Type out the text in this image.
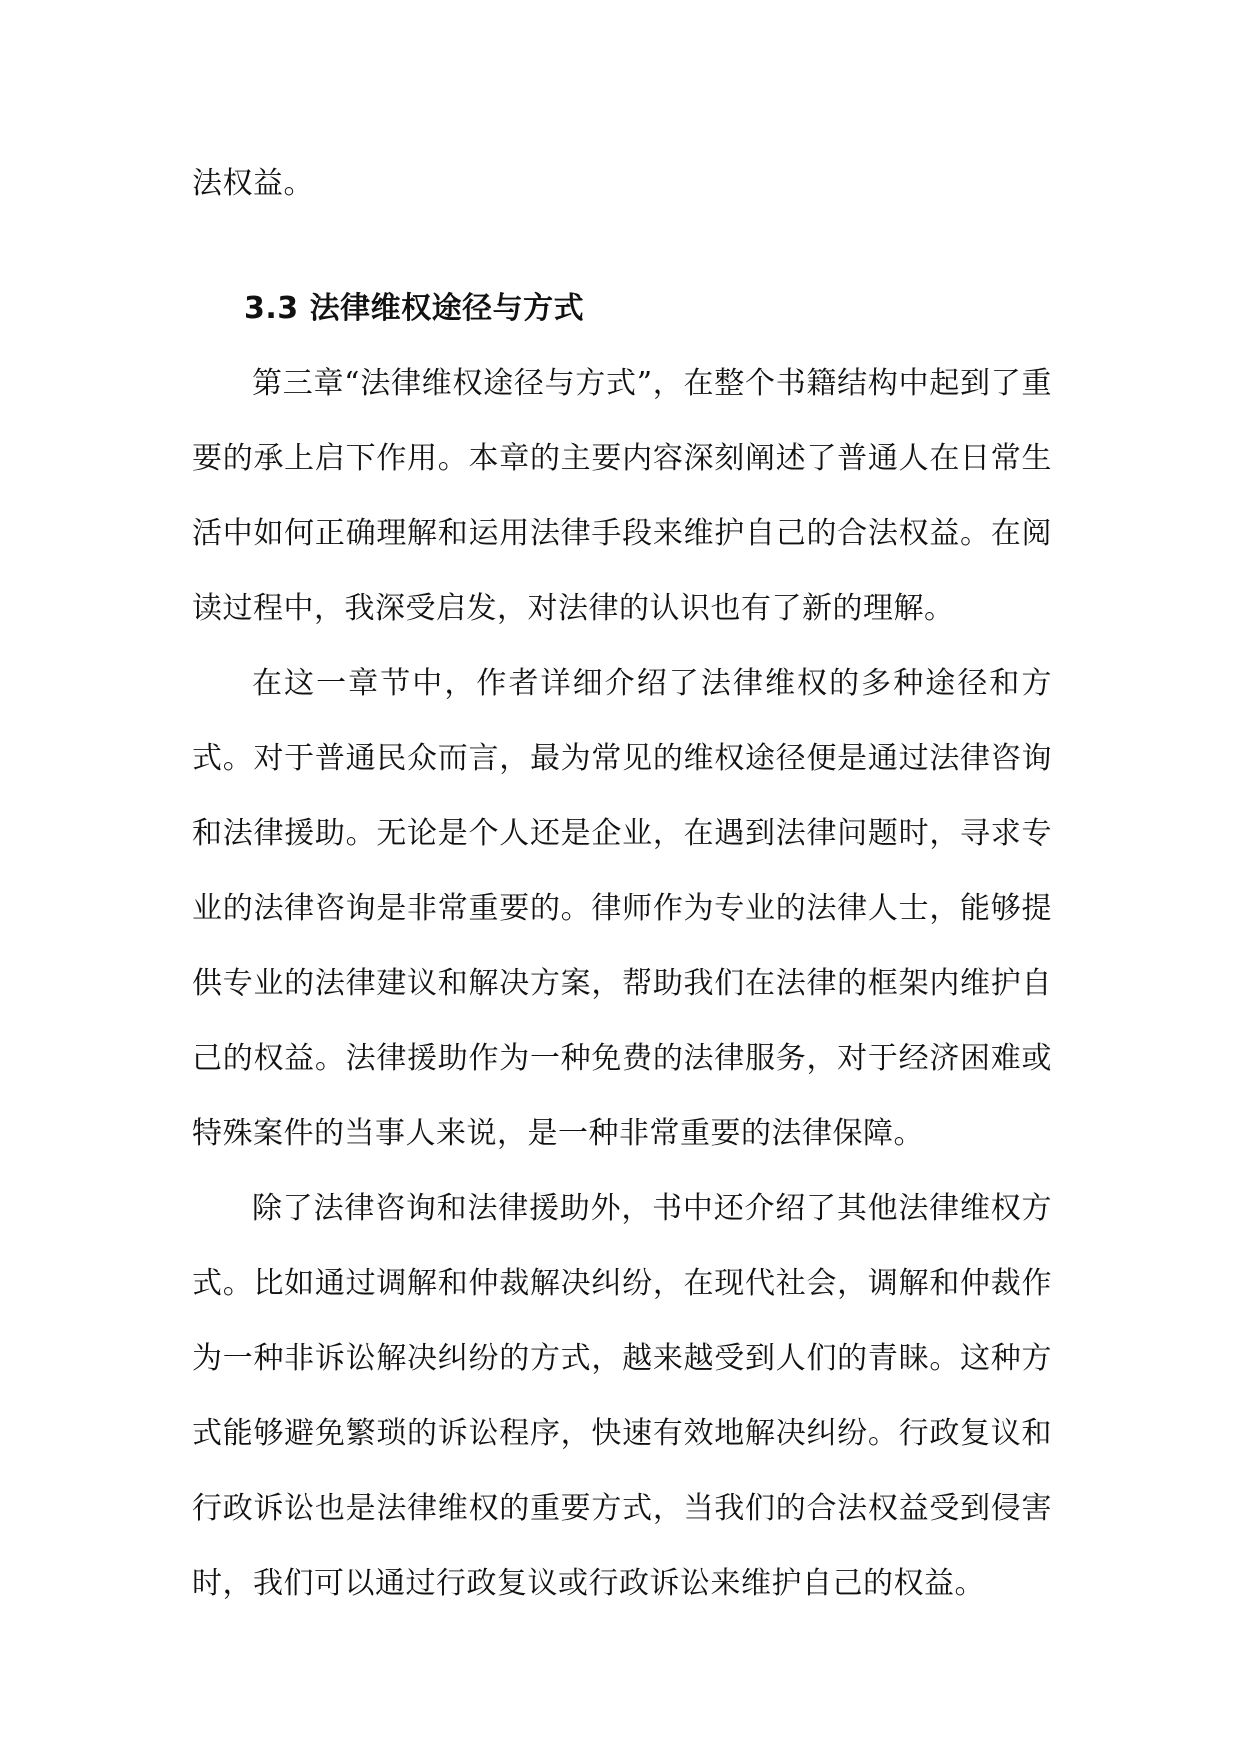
法权益。

3.3 法律维权途径与方式

第三章“法律维权途径与方式”，在整个书籍结构中起到了重要的承上启下作用。本章的主要内容深刻阐述了普通人在日常生活中如何正确理解和运用法律手段来维护自己的合法权益。在阅读过程中，我深受启发，对法律的认识也有了新的理解。

在这一章节中，作者详细介绍了法律维权的多种途径和方式。对于普通民众而言，最为常见的维权途径便是通过法律咨询和法律援助。无论是个人还是企业，在遇到法律问题时，寻求专业的法律咨询是非常重要的。律师作为专业的法律人士，能够提供专业的法律建议和解决方案，帮助我们在法律的框架内维护自己的权益。法律援助作为一种免费的法律服务，对于经济困难或特殊案件的当事人来说，是一种非常重要的法律保障。

除了法律咨询和法律援助外，书中还介绍了其他法律维权方式。比如通过调解和仲裁解决纠纷，在现代社会，调解和仲裁作为一种非诉讼解决纠纷的方式，越来越受到人们的青睐。这种方式能够避免繁琐的诉讼程序，快速有效地解决纠纷。行政复议和行政诉讼也是法律维权的重要方式，当我们的合法权益受到侵害时，我们可以通过行政复议或行政诉讼来维护自己的权益。
